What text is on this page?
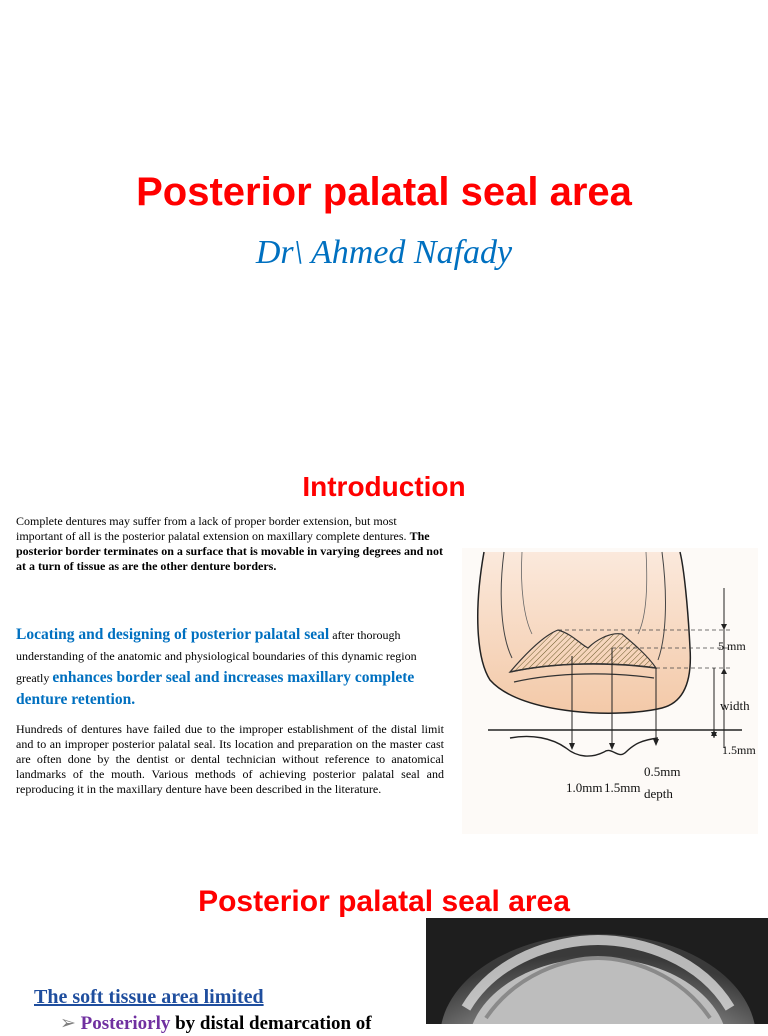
Posterior palatal seal area
Dr\ Ahmed Nafady
Introduction
Complete dentures may suffer from a lack of proper border extension, but most important of all is the posterior palatal extension on maxillary complete dentures. The posterior border terminates on a surface that is movable in varying degrees and not at a turn of tissue as are the other denture borders.
Locating and designing of posterior palatal seal after thorough understanding of the anatomic and physiological boundaries of this dynamic region greatly enhances border seal and increases maxillary complete denture retention.
Hundreds of dentures have failed due to the improper establishment of the distal limit and to an improper posterior palatal seal. Its location and preparation on the master cast are often done by the dentist or dental technician without reference to anatomical landmarks of the mouth. Various methods of achieving posterior palatal seal and reproducing it in the maxillary denture have been described in the literature.
5 mm
width
1.5mm
1.0mm 1.5mm
0.5mm
depth
Posterior palatal seal area
The soft tissue area limited
➢ Posteriorly by distal demarcation of
